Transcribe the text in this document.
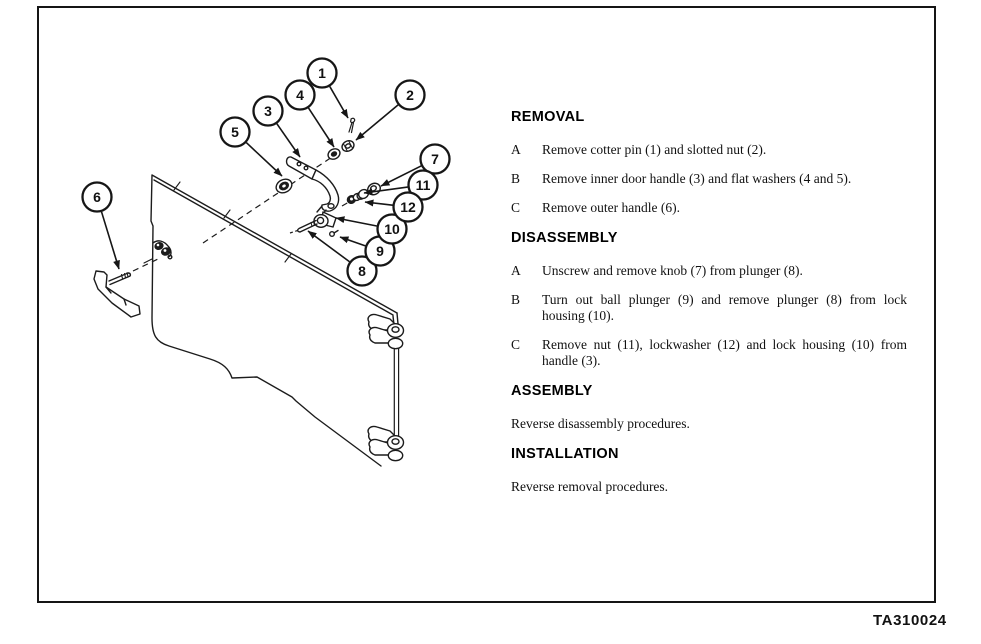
1
2
3
4
5
6
7
8
9
10
11
12
REMOVAL
A	Remove cotter pin (1) and slotted nut (2).
B	Remove inner door handle (3) and flat washers (4 and 5).
C	Remove outer handle (6).
DISASSEMBLY
A	Unscrew and remove knob (7) from plunger (8).
B	Turn out ball plunger (9) and remove plunger (8) from lock housing (10).
C	Remove nut (11), lockwasher (12) and lock housing (10) from handle (3).
ASSEMBLY

Reverse disassembly procedures.

INSTALLATION

Reverse removal procedures.

TA310024
